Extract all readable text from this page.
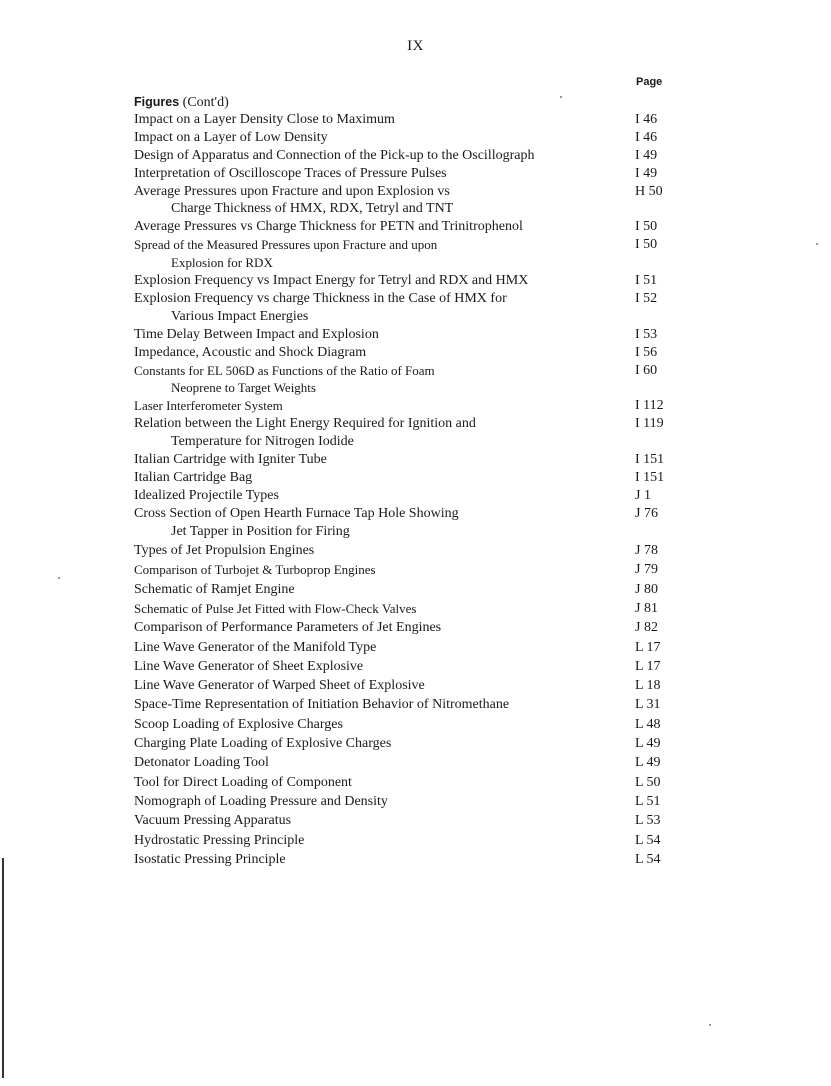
IX
Page
Figures (Cont'd)
Impact on a Layer Density Close to Maximum	I 46
Impact on a Layer of Low Density	I 46
Design of Apparatus and Connection of the Pick-up to the Oscillograph	I 49
Interpretation of Oscilloscope Traces of Pressure Pulses	I 49
Average Pressures upon Fracture and upon Explosion vs	H 50
Charge Thickness of HMX, RDX, Tetryl and TNT
Average Pressures vs Charge Thickness for PETN and Trinitrophenol	I 50
Spread of the Measured Pressures upon Fracture and upon	I 50
Explosion for RDX
Explosion Frequency vs Impact Energy for Tetryl and RDX and HMX	I 51
Explosion Frequency vs charge Thickness in the Case of HMX for	I 52
Various Impact Energies
Time Delay Between Impact and Explosion	I 53
Impedance, Acoustic and Shock Diagram	I 56
Constants for EL 506D as Functions of the Ratio of Foam	I 60
Neoprene to Target Weights
Laser Interferometer System	I 112
Relation between the Light Energy Required for Ignition and	I 119
Temperature for Nitrogen Iodide
Italian Cartridge with Igniter Tube	I 151
Italian Cartridge Bag	I 151
Idealized Projectile Types	J 1
Cross Section of Open Hearth Furnace Tap Hole Showing	J 76
Jet Tapper in Position for Firing
Types of Jet Propulsion Engines	J 78
Comparison of Turbojet & Turboprop Engines	J 79
Schematic of Ramjet Engine	J 80
Schematic of Pulse Jet Fitted with Flow-Check Valves	J 81
Comparison of Performance Parameters of Jet Engines	J 82
Line Wave Generator of the Manifold Type	L 17
Line Wave Generator of Sheet Explosive	L 17
Line Wave Generator of Warped Sheet of Explosive	L 18
Space-Time Representation of Initiation Behavior of Nitromethane	L 31
Scoop Loading of Explosive Charges	L 48
Charging Plate Loading of Explosive Charges	L 49
Detonator Loading Tool	L 49
Tool for Direct Loading of Component	L 50
Nomograph of Loading Pressure and Density	L 51
Vacuum Pressing Apparatus	L 53
Hydrostatic Pressing Principle	L 54
Isostatic Pressing Principle	L 54
